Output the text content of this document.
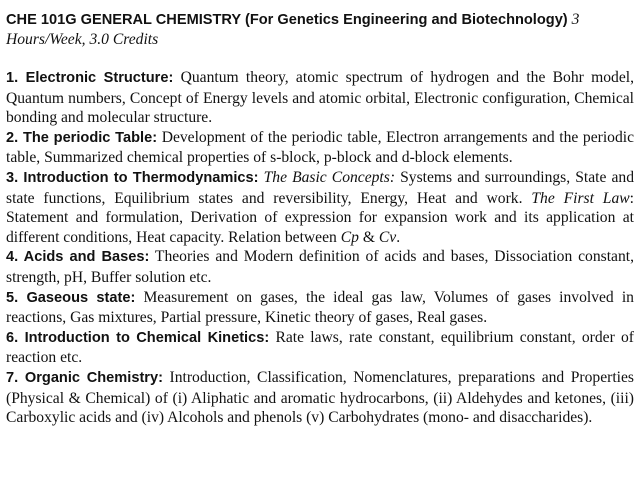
CHE 101G GENERAL CHEMISTRY (For Genetics Engineering and Biotechnology) 3 Hours/Week, 3.0 Credits

1. Electronic Structure: Quantum theory, atomic spectrum of hydrogen and the Bohr model, Quantum numbers, Concept of Energy levels and atomic orbital, Electronic configuration, Chemical bonding and molecular structure.

2. The periodic Table: Development of the periodic table, Electron arrangements and the periodic table, Summarized chemical properties of s-block, p-block and d-block elements.

3. Introduction to Thermodynamics: The Basic Concepts: Systems and surroundings, State and state functions, Equilibrium states and reversibility, Energy, Heat and work. The First Law: Statement and formulation, Derivation of expression for expansion work and its application at different conditions, Heat capacity. Relation between Cp & Cv.

4. Acids and Bases: Theories and Modern definition of acids and bases, Dissociation constant, strength, pH, Buffer solution etc.

5. Gaseous state: Measurement on gases, the ideal gas law, Volumes of gases involved in reactions, Gas mixtures, Partial pressure, Kinetic theory of gases, Real gases.

6. Introduction to Chemical Kinetics: Rate laws, rate constant, equilibrium constant, order of reaction etc.

7. Organic Chemistry: Introduction, Classification, Nomenclatures, preparations and Properties (Physical & Chemical) of (i) Aliphatic and aromatic hydrocarbons, (ii) Aldehydes and ketones, (iii) Carboxylic acids and (iv) Alcohols and phenols (v) Carbohydrates (mono- and disaccharides).
